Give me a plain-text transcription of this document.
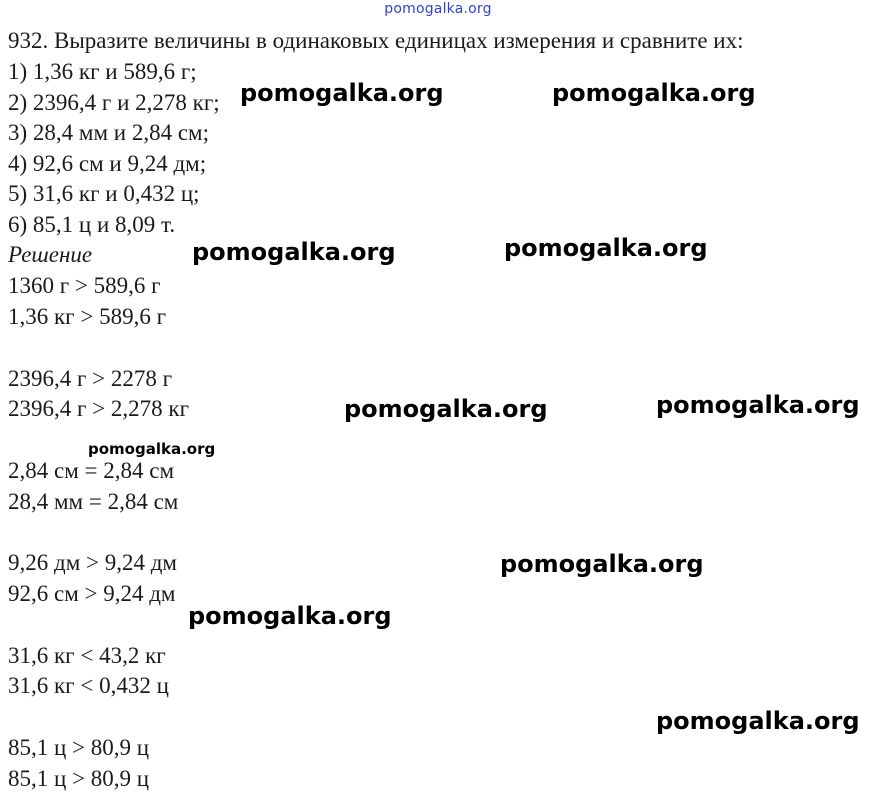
pomogalka.org
932. Выразите величины в одинаковых единицах измерения и сравните их:
1) 1,36 кг и 589,6 г;
2) 2396,4 г и 2,278 кг;
3) 28,4 мм и 2,84 см;
4) 92,6 см и 9,24 дм;
5) 31,6 кг и 0,432 ц;
6) 85,1 ц и 8,09 т.
Решение
1360 г > 589,6 г
1,36 кг > 589,6 г
2396,4 г > 2278 г
2396,4 г > 2,278 кг
2,84 см = 2,84 см
28,4 мм = 2,84 см
9,26 дм > 9,24 дм
92,6 см > 9,24 дм
31,6 кг < 43,2 кг
31,6 кг < 0,432 ц
85,1 ц > 80,9 ц
85,1 ц > 80,9 ц
pomogalka.org	pomogalka.org
pomogalka.org	pomogalka.org
pomogalka.org	pomogalka.org
pomogalka.org
pomogalka.org
pomogalka.org
pomogalka.org
